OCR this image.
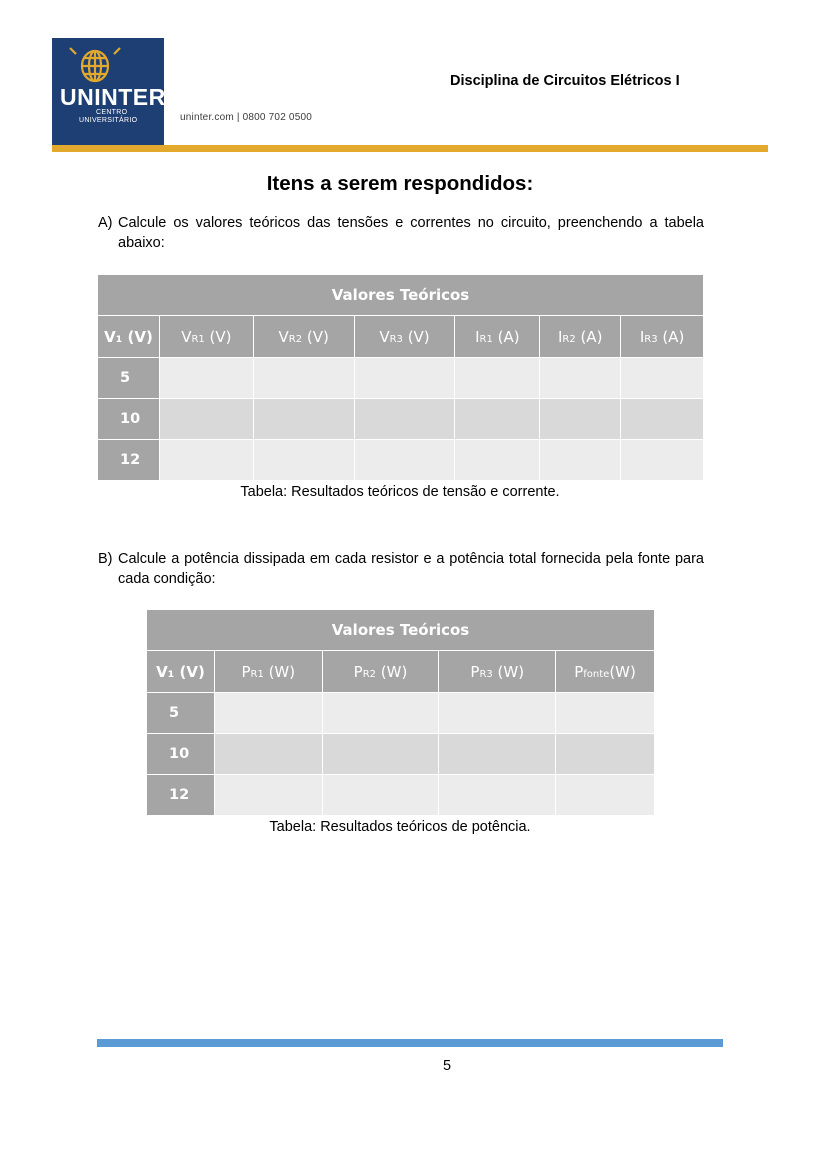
UNINTER
CENTRO
UNIVERSITÁRIO	uninter.com | 0800 702 0500
Disciplina de Circuitos Elétricos I
Itens a serem respondidos:
A) Calcule os valores teóricos das tensões e correntes no circuito, preenchendo a tabela abaixo:
Valores Teóricos						
V₁ (V)	VR1 (V)	VR2 (V)	VR3 (V)	IR1 (A)	IR2 (A)	IR3 (A)
5						
10						
12						
Tabela: Resultados teóricos de tensão e corrente.
B) Calcule a potência dissipada em cada resistor e a potência total fornecida pela fonte para cada condição:
Valores Teóricos				
V₁ (V)	PR1 (W)	PR2 (W)	PR3 (W)	Pfonte(W)
5				
10				
12				
Tabela: Resultados teóricos de potência.
5
